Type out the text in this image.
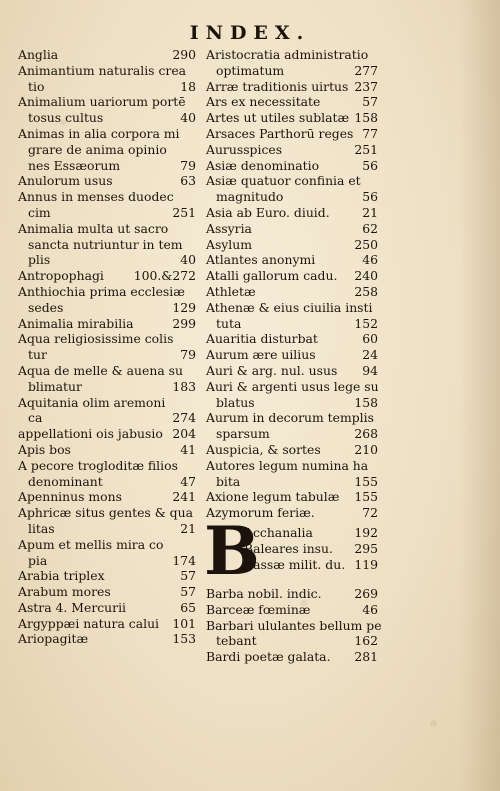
INDEX.
Anglia	290
Animantium naturalis crea
tio	18
Animalium uariorum portē
tosus cultus	40
Animas in alia corpora mi
grare de anima opinio
nes Essæorum	79
Anulorum usus	63
Annus in menses duodec
cim	251
Animalia multa ut sacro
sancta nutriuntur in tem
plis	40
Antropophagi 100.&272
Anthiochia prima ecclesiæ
sedes	129
Animalia mirabilia	299
Aqua religiosissime colis
tur	79
Aqua de melle & auena su
blimatur	183
Aquitania olim aremoni
ca	274
appellationi ois jabusio 204
Apis bos	41
A pecore trogloditæ filios
denominant	47
Apenninus mons	241
Aphricæ situs gentes & qua
litas	21
Apum et mellis mira co
pia	174
Arabia triplex	57
Arabum mores	57
Astra 4. Mercurii	65
Argyppæi natura calui 101
Ariopagitæ	153
Aristocratia administratio
optimatum	277
Arræ traditionis uirtus 237
Ars ex necessitate	57
Artes ut utiles sublatæ 158
Arsaces Parthorū reges 77
Aurusspices	251
Asiæ denominatio	56
Asiæ quatuor confinia et
magnitudo	56
Asia ab Euro. diuid.	21
Assyria	62
Asylum	250
Atlantes anonymi	46
Atalli gallorum cadu. 240
Athletæ	258
Athenæ & eius ciuilia insti
tuta	152
Auaritia disturbat	60
Aurum ære uilius	24
Auri & arg. nul. usus 94
Auri & argenti usus lege su
blatus	158
Aurum in decorum templis
sparsum	268
Auspicia, & sortes	210
Autores legum numina ha
bita	155
Axione legum tabulæ 155
Azymorum feriæ.	72
B
Acchanalia	192
Baleares insu. 295
Bassæ milit. du. 119
Barba nobil. indic.	269
Barceæ fœminæ	46
Barbari ululantes bellum pe
tebant	162
Bardi poetæ galata. 281
